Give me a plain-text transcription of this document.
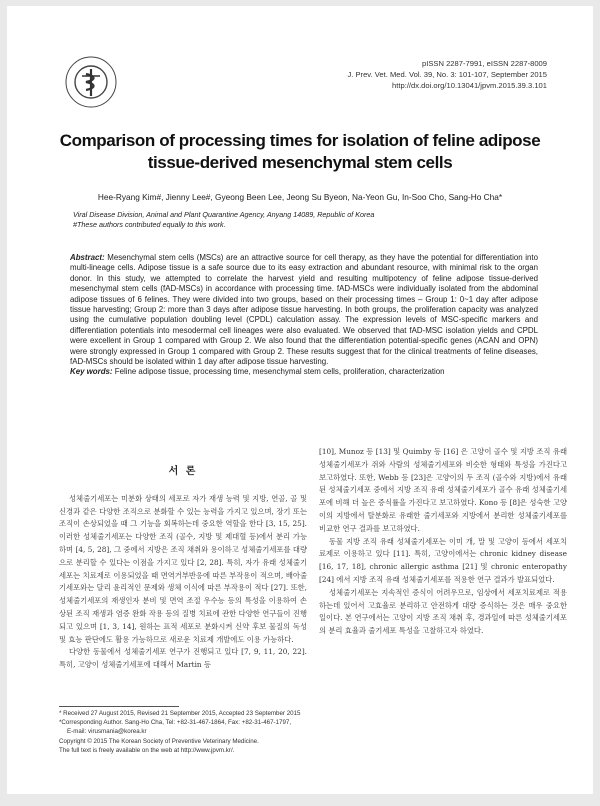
pISSN 2287-7991, eISSN 2287-8009
J. Prev. Vet. Med. Vol. 39, No. 3: 101-107, September 2015
http://dx.doi.org/10.13041/jpvm.2015.39.3.101
Comparison of processing times for isolation of feline adipose
tissue-derived mesenchymal stem cells
Hee-Ryang Kim#, Jienny Lee#, Gyeong Been Lee, Jeong Su Byeon, Na-Yeon Gu, In-Soo Cho, Sang-Ho Cha*
Viral Disease Division, Animal and Plant Quarantine Agency, Anyang 14089, Republic of Korea
#These authors contributed equally to this work.
Abstract: Mesenchymal stem cells (MSCs) are an attractive source for cell therapy, as they have the potential for differentiation into multi-lineage cells. Adipose tissue is a safe source due to its easy extraction and abundant resource, with minimal risk to the organ donor. In this study, we attempted to correlate the harvest yield and resulting multipotency of feline adipose tissue-derived mesenchymal stem cells (fAD-MSCs) in accordance with processing time. fAD-MSCs were individually isolated from the abdominal adipose tissues of 6 felines. They were divided into two groups, based on their processing times – Group 1: 0~1 day after adipose tissue harvesting; Group 2: more than 3 days after adipose tissue harvesting. In both groups, the proliferation capacity was analyzed using the cumulative population doubling level (CPDL) calculation assay. The expression levels of MSC-specific markers and differentiation potentials into mesodermal cell lineages were also evaluated. We observed that fAD-MSC isolation yields and CPDL were excellent in Group 1 compared with Group 2. We also found that the differentiation potential-specific genes (ACAN and OPN) were strongly expressed in Group 1 compared with Group 2. These results suggest that for the clinical treatments of feline diseases, fAD-MSCs should be isolated within 1 day after adipose tissue harvesting.
Key words: Feline adipose tissue, processing time, mesenchymal stem cells, proliferation, characterization
서 론

성체줄기세포는 미분화 상태의 세포로 자가 재생 능력 및 지방, 연골, 골 및 신경과 같은 다양한 조직으로 분화할 수 있는 능력을 가지고 있으며, 장기 또는 조직이 손상되었을 때 그 기능을 회복하는데 중요한 역할을 한다 [3, 15, 25]. 이러한 성체줄기세포는 다양한 조직 (골수, 지방 및 제대혈 등)에서 분리 가능하며 [4, 5, 28], 그 중에서 지방은 조직 채취와 용이하고 성체줄기세포를 대량으로 분리할 수 있다는 이점을 가지고 있다 [2, 28]. 특히, 자가 유래 성체줄기세포는 치료제로 이용되었을 때 면역거부반응에 따른 부작용이 적으며, 배아줄기세포와는 달리 윤리적인 문제와 생체 이식에 따른 부작용이 적다 [27]. 또한, 성체줄기세포의 재생인자 분비 및 면역 조절 우수능 등의 특성을 이용하여 손상된 조직 재생과 염증 완화 작용 등의 질병 치료에 관한 다양한 연구들이 진행되고 있으며 [1, 3, 14], 원하는 표적 세포로 분화시켜 신약 후보 물질의 독성 및 효능 판단에도 활용 가능하므로 새로운 치료제 개발에도 이용 가능하다.

다양한 동물에서 성체줄기세포 연구가 진행되고 있다 [7, 9, 11, 20, 22]. 특히, 고양이 성체줄기세포에 대해서 Martin 등

[10], Munoz 등 [13] 및 Quimby 등 [16] 은 고양이 골수 및 지방 조직 유래 성체줄기세포가 쥐와 사람의 성체줄기세포와 비슷한 형태와 특성을 가진다고 보고하였다. 또한, Webb 등 [23]은 고양이의 두 조직 (골수와 지방)에서 유래된 성체줄기세포 중에서 지방 조직 유래 성체줄기세포가 골수 유래 성체줄기세포에 비해 더 높은 증식률을 가진다고 보고하였다. Kono 등 [8]은 성숙한 고양이의 지방에서 탈분화로 유래한 줄기세포와 지방에서 분리한 성체줄기세포를 비교한 연구 결과를 보고하였다.

동물 지방 조직 유래 성체줄기세포는 이미 개, 말 및 고양이 등에서 세포치료제로 이용하고 있다 [11]. 특히, 고양이에서는 chronic kidney disease [16, 17, 18], chronic allergic asthma [21] 및 chronic enteropathy [24] 에서 지방 조직 유래 성체줄기세포를 적용한 연구 결과가 발표되었다.

성체줄기세포는 지속적인 증식이 어려우므로, 임상에서 세포치료제로 적용하는데 있어서 고효율로 분리하고 안전하게 대량 증식하는 것은 매우 중요한 일이다. 본 연구에서는 고양이 지방 조직 채취 후, 경과일에 따른 성체줄기세포의 분리 효율과 줄기세포 특성을 고찰하고자 하였다.

* Received 27 August 2015, Revised 21 September 2015, Accepted 23 September 2015
*Corresponding Author. Sang-Ho Cha, Tel: +82-31-467-1864, Fax: +82-31-467-1797,
E-mail: virusmania@korea.kr
Copyright © 2015 The Korean Society of Preventive Veterinary Medicine.
The full text is freely available on the web at http://www.jpvm.kr/.
